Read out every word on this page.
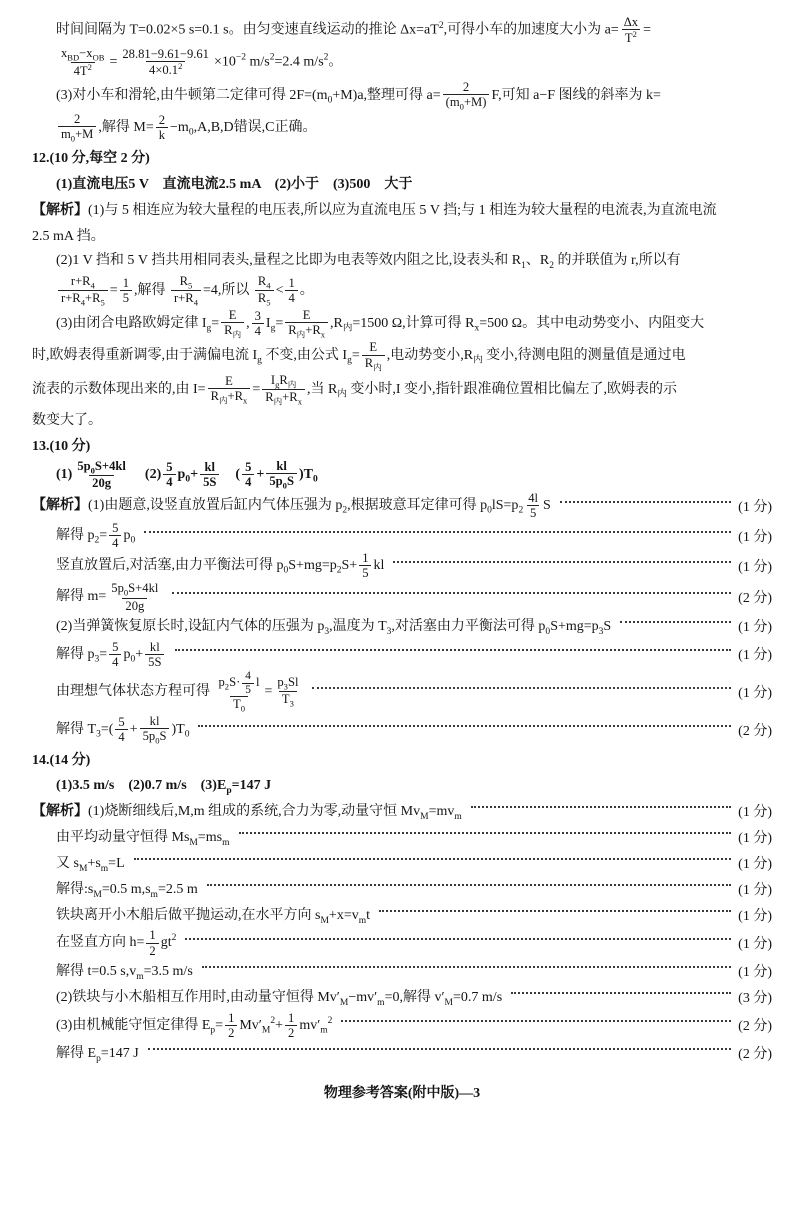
时间间隔为 T=0.02×5 s=0.1 s。由匀变速直线运动的推论 $\Delta x=aT^2$,可得小车的加速度大小为 $a= \frac{\Delta x}{T^2}$ =
$\frac{x_{BD}-x_{OB}}{4T^2} = \frac{28.81-9.61-9.61}{4\times 0.1^2} \times 10^{-2}$ $m/s^2=2.4$ $m/s^2$。
(3)对小车和滑轮,由牛顿第二定律可得 $2F=(m_0+M)a$,整理可得 $a= \frac{2}{(m_0+M)} F$,可知 a−F 图线的斜率为 k=
$\frac{2}{m_0+M}$ ,解得 $M= \frac{2}{k} -m_0,A,B,D$错误,C正确。
12.(10 分,每空 2 分)
(1)直流电压5 V　直流电流2.5 mA　(2)小于　(3)500　大于
【解析】(1)与 5 相连应为较大量程的电压表,所以应为直流电压 5 V 挡;与 1 相连为较大量程的电流表,为直流电流
2.5 mA 挡。
(2)1 V 挡和 5 V 挡共用相同表头,量程之比即为电表等效内阻之比,设表头和 $R_1$、$R_2$ 的并联值为 r,所以有
$\frac{r+R_4}{r+R_4+R_5} = \frac{1}{5}$ ,解得 $\frac{R_5}{r+R_4} =4$,所以 $\frac{R_4}{R_5} < \frac{1}{4}$ 。
(3)由闭合电路欧姆定律 $I_g= \frac{E}{R_内}$ , $\frac{3}{4} I_g= \frac{E}{R_内+R_x} ,R_内=1500$ Ω,计算可得 $R_x=500$ Ω。其中电动势变小、内阻变大
时,欧姆表得重新调零,由于满偏电流 $I_g$ 不变,由公式 $I_g= \frac{E}{R_内}$ ,电动势变小$,R_内$ 变小,待测电阻的测量值是通过电
流表的示数体现出来的,由 $I= \frac{E}{R_内+R_x} = \frac{I_gR_内}{R_内+R_x}$ ,当 $R_内$ 变小时,I 变小,指针跟准确位置相比偏左了,欧姆表的示
数变大了。
13.(10 分)
$(1) \frac{5p_0S+4kl}{20g}$ 　$(2) \frac{5}{4} p_0+ \frac{kl}{5S}$ 　( $\frac{5}{4} + \frac{kl}{5p_0S} )T_0$
【解析】(1)由题意,设竖直放置后缸内气体压强为 $p_2$,根据玻意耳定律可得 $p_0lS=p_2 \frac{4l}{5}$ S	(1 分)
解得 $p_2= \frac{5}{4} p_0$	(1 分)
竖直放置后,对活塞,由力平衡法可得 $p_0S+mg=p_2S+ \frac{1}{5}$ kl	(1 分)
解得 $m= \frac{5p_0S+4kl}{20g}$	(2 分)
(2)当弹簧恢复原长时,设缸内气体的压强为 $p_3$,温度为 $T_3$,对活塞由力平衡法可得 $p_0S+mg=p_3S$	(1 分)
解得 $p_3= \frac{5}{4} p_0+ \frac{kl}{5S}$	(1 分)
由理想气体状态方程可得 $\frac{p_2S\cdot \frac{4}{5} l}{T_0} = \frac{p_3Sl}{T_3}$	(1 分)
解得 $T_3=( \frac{5}{4} + \frac{kl}{5p_0S} )T_0$	(2 分)
14.(14 分)
(1)3.5 m/s　(2)0.7 m/s　$(3)E_p=147$ J
【解析】(1)烧断细线后,M,m 组成的系统,合力为零,动量守恒 $Mv_M=mv_m$	(1 分)
由平均动量守恒得 $Ms_M=ms_m$	(1 分)
又 $s_M+s_m=L$	(1 分)
解得$:s_M=0.5$ $m,s_m=2.5$ m	(1 分)
铁块离开小木船后做平抛运动,在水平方向 $s_M+x=v_mt$	(1 分)
在竖直方向 $h= \frac{1}{2} gt^2$	(1 分)
解得 t=0.5 $s,v_m=3.5$ m/s	(1 分)
(2)铁块与小木船相互作用时,由动量守恒得 $Mv'_M-mv'_m=0$,解得 $v'_M=0.7$ m/s	(3 分)
(3)由机械能守恒定律得 $E_p= \frac{1}{2} Mv'_M^2+ \frac{1}{2} mv'_m^2$	(2 分)
解得 $E_p=147$ J	(2 分)
物理参考答案(附中版)—3
